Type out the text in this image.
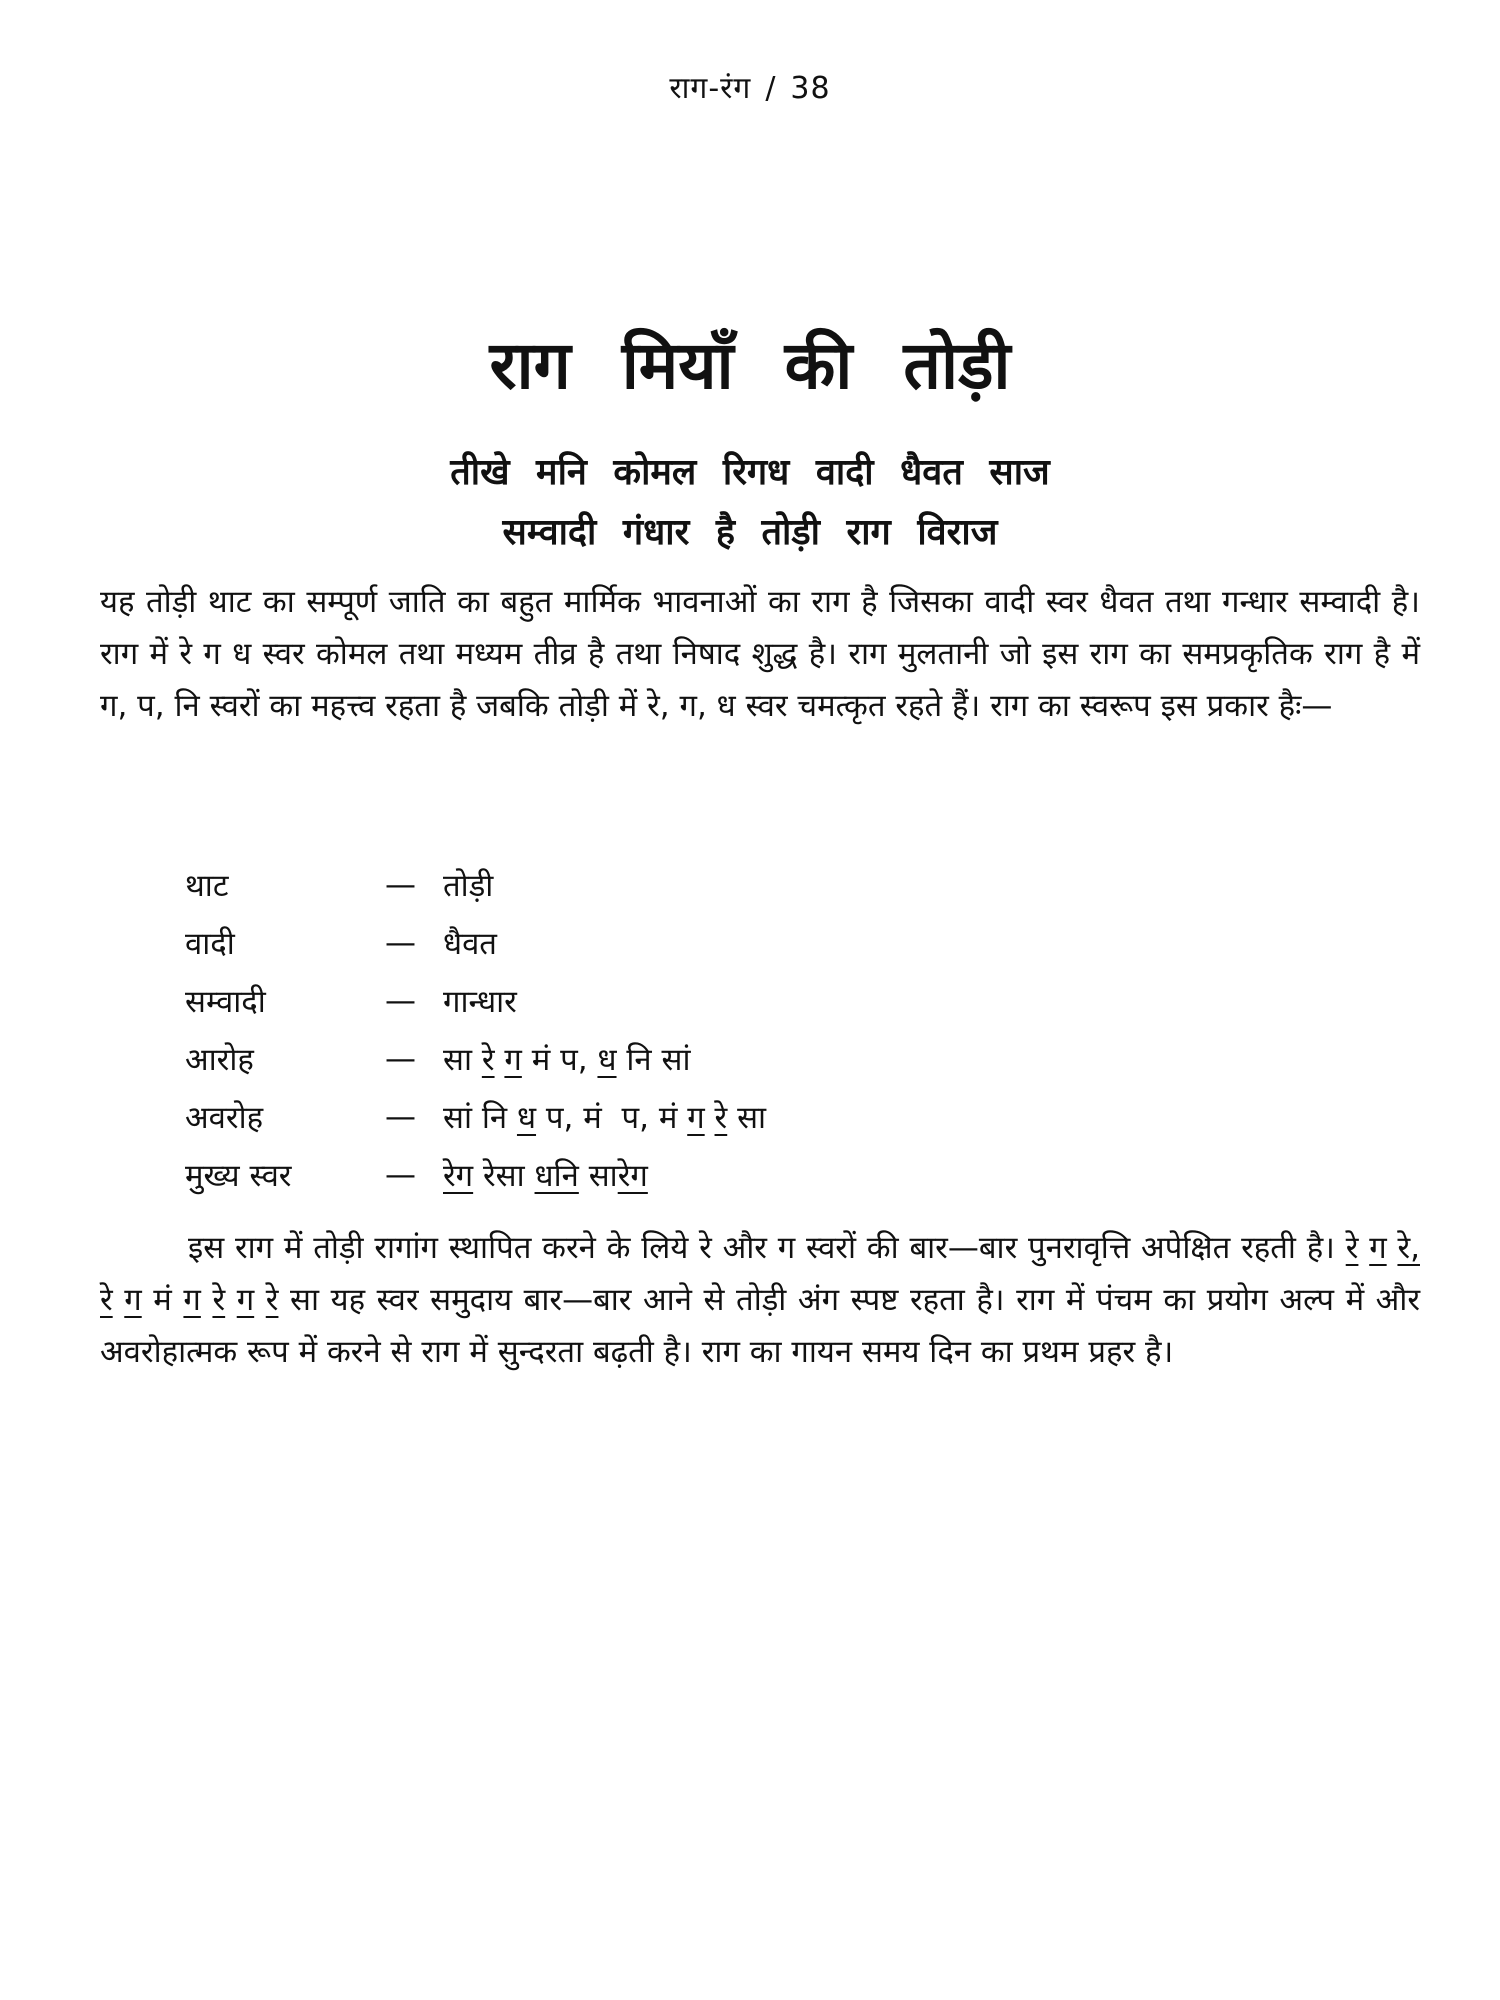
राग-रंग / 38
राग मियाँ की तोड़ी
तीखे मनि कोमल रिगध वादी धैवत साज
सम्वादी गंधार है तोड़ी राग विराज
यह तोड़ी थाट का सम्पूर्ण जाति का बहुत मार्मिक भावनाओं का राग है जिसका वादी स्वर धैवत तथा गन्धार सम्वादी है। राग में रे ग ध स्वर कोमल तथा मध्यम तीव्र है तथा निषाद शुद्ध है। राग मुलतानी जो इस राग का समप्रकृतिक राग है में ग, प, नि स्वरों का महत्त्व रहता है जबकि तोड़ी में रे, ग, ध स्वर चमत्कृत रहते हैं। राग का स्वरूप इस प्रकार हैः—
थाट	— तोड़ी
वादी	— धैवत
सम्वादी	— गान्धार
आरोह	— सा रे ग मं प, ध नि सां
अवरोह	— सां नि ध प, मं प, मं ग रे सा
मुख्य स्वर	— रेग रेसा धनि सारेग
इस राग में तोड़ी रागांग स्थापित करने के लिये रे और ग स्वरों की बार—बार पुनरावृत्ति अपेक्षित रहती है। रे ग रे, रे ग मं ग रे ग रे सा यह स्वर समुदाय बार—बार आने से तोड़ी अंग स्पष्ट रहता है। राग में पंचम का प्रयोग अल्प में और अवरोहात्मक रूप में करने से राग में सुन्दरता बढ़ती है। राग का गायन समय दिन का प्रथम प्रहर है।
